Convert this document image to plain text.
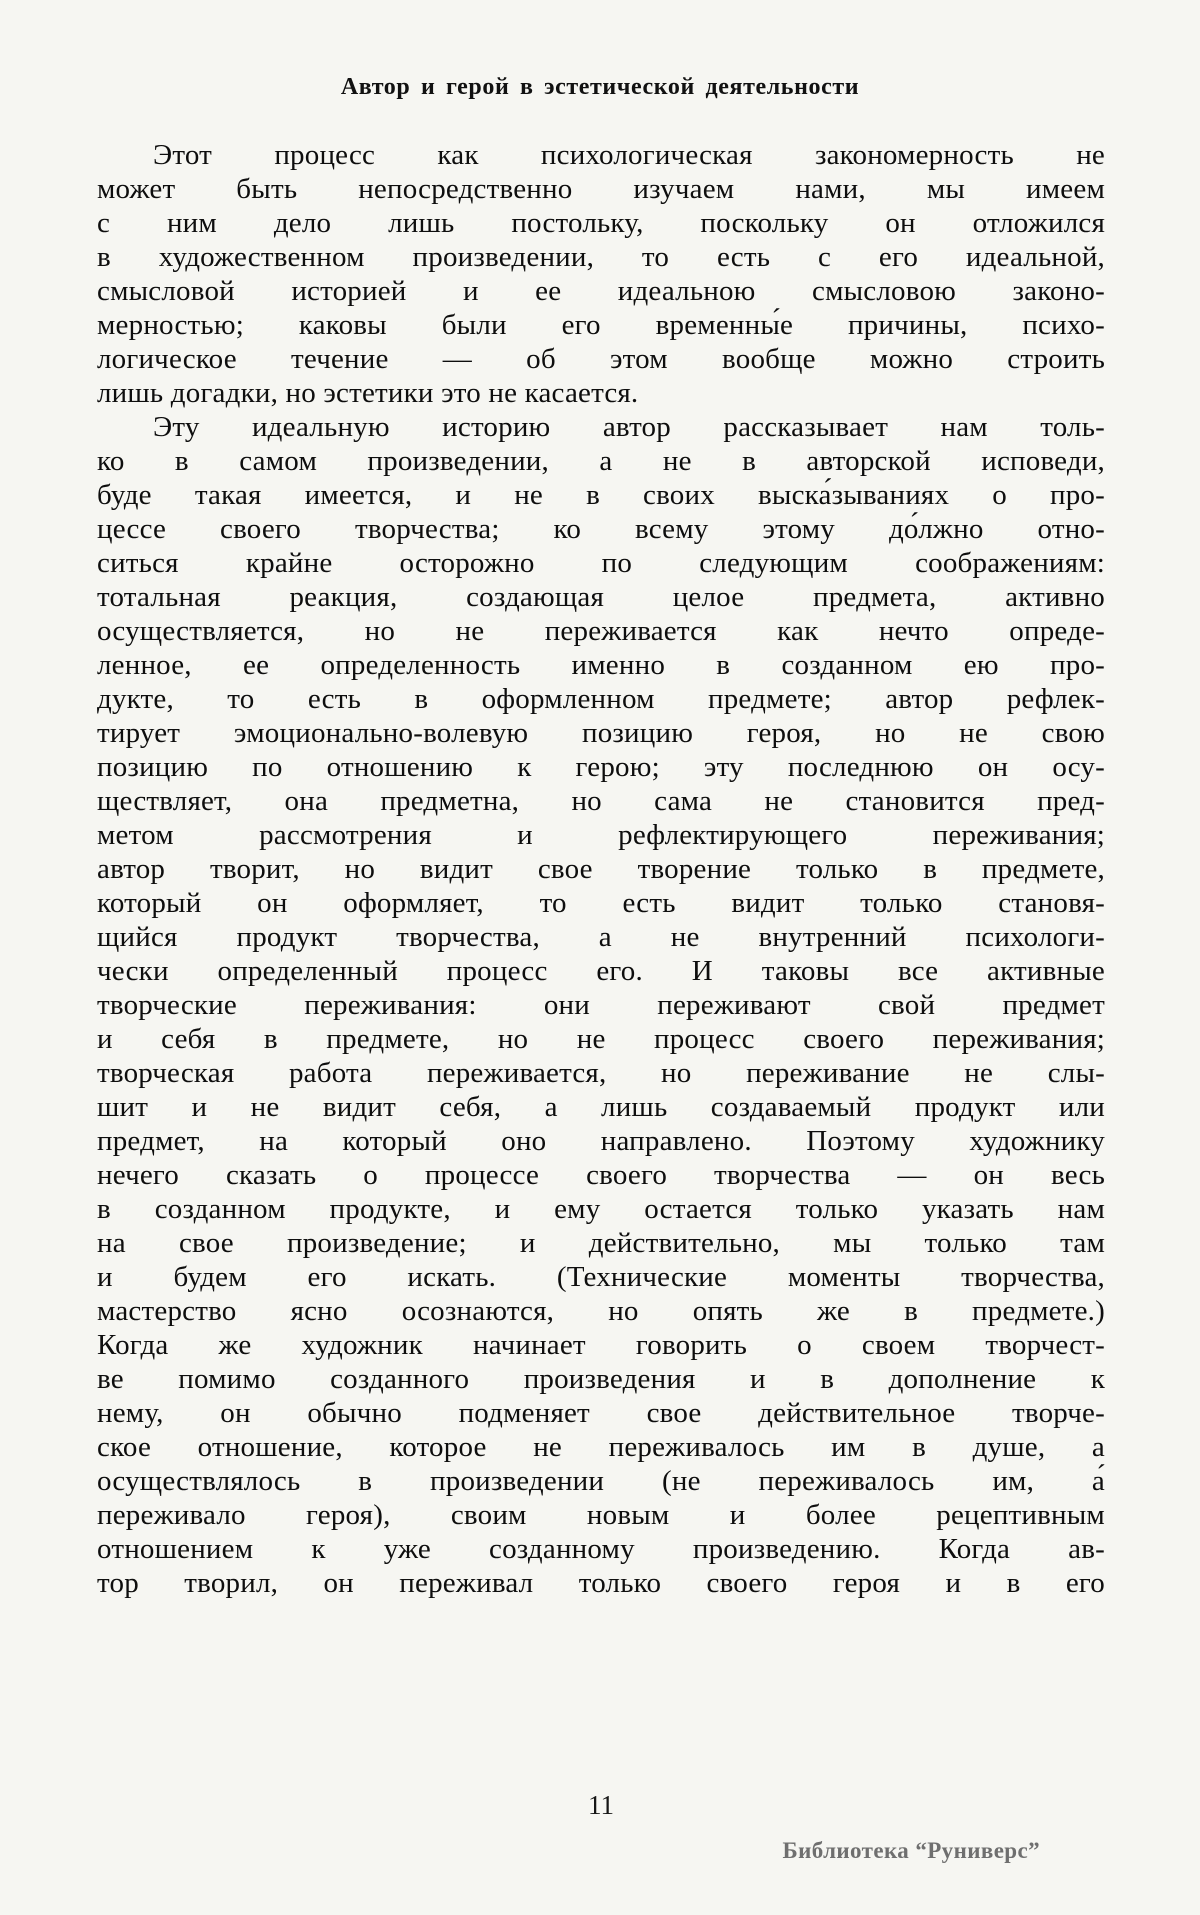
Автор и герой в эстетической деятельности
Этот процесс как психологическая закономерность не
может быть непосредственно изучаем нами, мы имеем
с ним дело лишь постольку, поскольку он отложился
в художественном произведении, то есть с его идеальной,
смысловой историей и ее идеальною смысловою законо-
мерностью; каковы были его временны́е причины, психо-
логическое течение — об этом вообще можно строить
лишь догадки, но эстетики это не касается.
Эту идеальную историю автор рассказывает нам толь-
ко в самом произведении, а не в авторской исповеди,
буде такая имеется, и не в своих выска́зываниях о про-
цессе своего творчества; ко всему этому до́лжно отно-
ситься крайне осторожно по следующим соображениям:
тотальная реакция, создающая целое предмета, активно
осуществляется, но не переживается как нечто опреде-
ленное, ее определенность именно в созданном ею про-
дукте, то есть в оформленном предмете; автор рефлек-
тирует эмоционально-волевую позицию героя, но не свою
позицию по отношению к герою; эту последнюю он осу-
ществляет, она предметна, но сама не становится пред-
метом рассмотрения и рефлектирующего переживания;
автор творит, но видит свое творение только в предмете,
который он оформляет, то есть видит только становя-
щийся продукт творчества, а не внутренний психологи-
чески определенный процесс его. И таковы все активные
творческие переживания: они переживают свой предмет
и себя в предмете, но не процесс своего переживания;
творческая работа переживается, но переживание не слы-
шит и не видит себя, а лишь создаваемый продукт или
предмет, на который оно направлено. Поэтому художнику
нечего сказать о процессе своего творчества — он весь
в созданном продукте, и ему остается только указать нам
на свое произведение; и действительно, мы только там
и будем его искать. (Технические моменты творчества,
мастерство ясно осознаются, но опять же в предмете.)
Когда же художник начинает говорить о своем творчест-
ве помимо созданного произведения и в дополнение к
нему, он обычно подменяет свое действительное творче-
ское отношение, которое не переживалось им в душе, а
осуществлялось в произведении (не переживалось им, а́
переживало героя), своим новым и более рецептивным
отношением к уже созданному произведению. Когда ав-
тор творил, он переживал только своего героя и в его
11
Библиотека “Руниверс”
